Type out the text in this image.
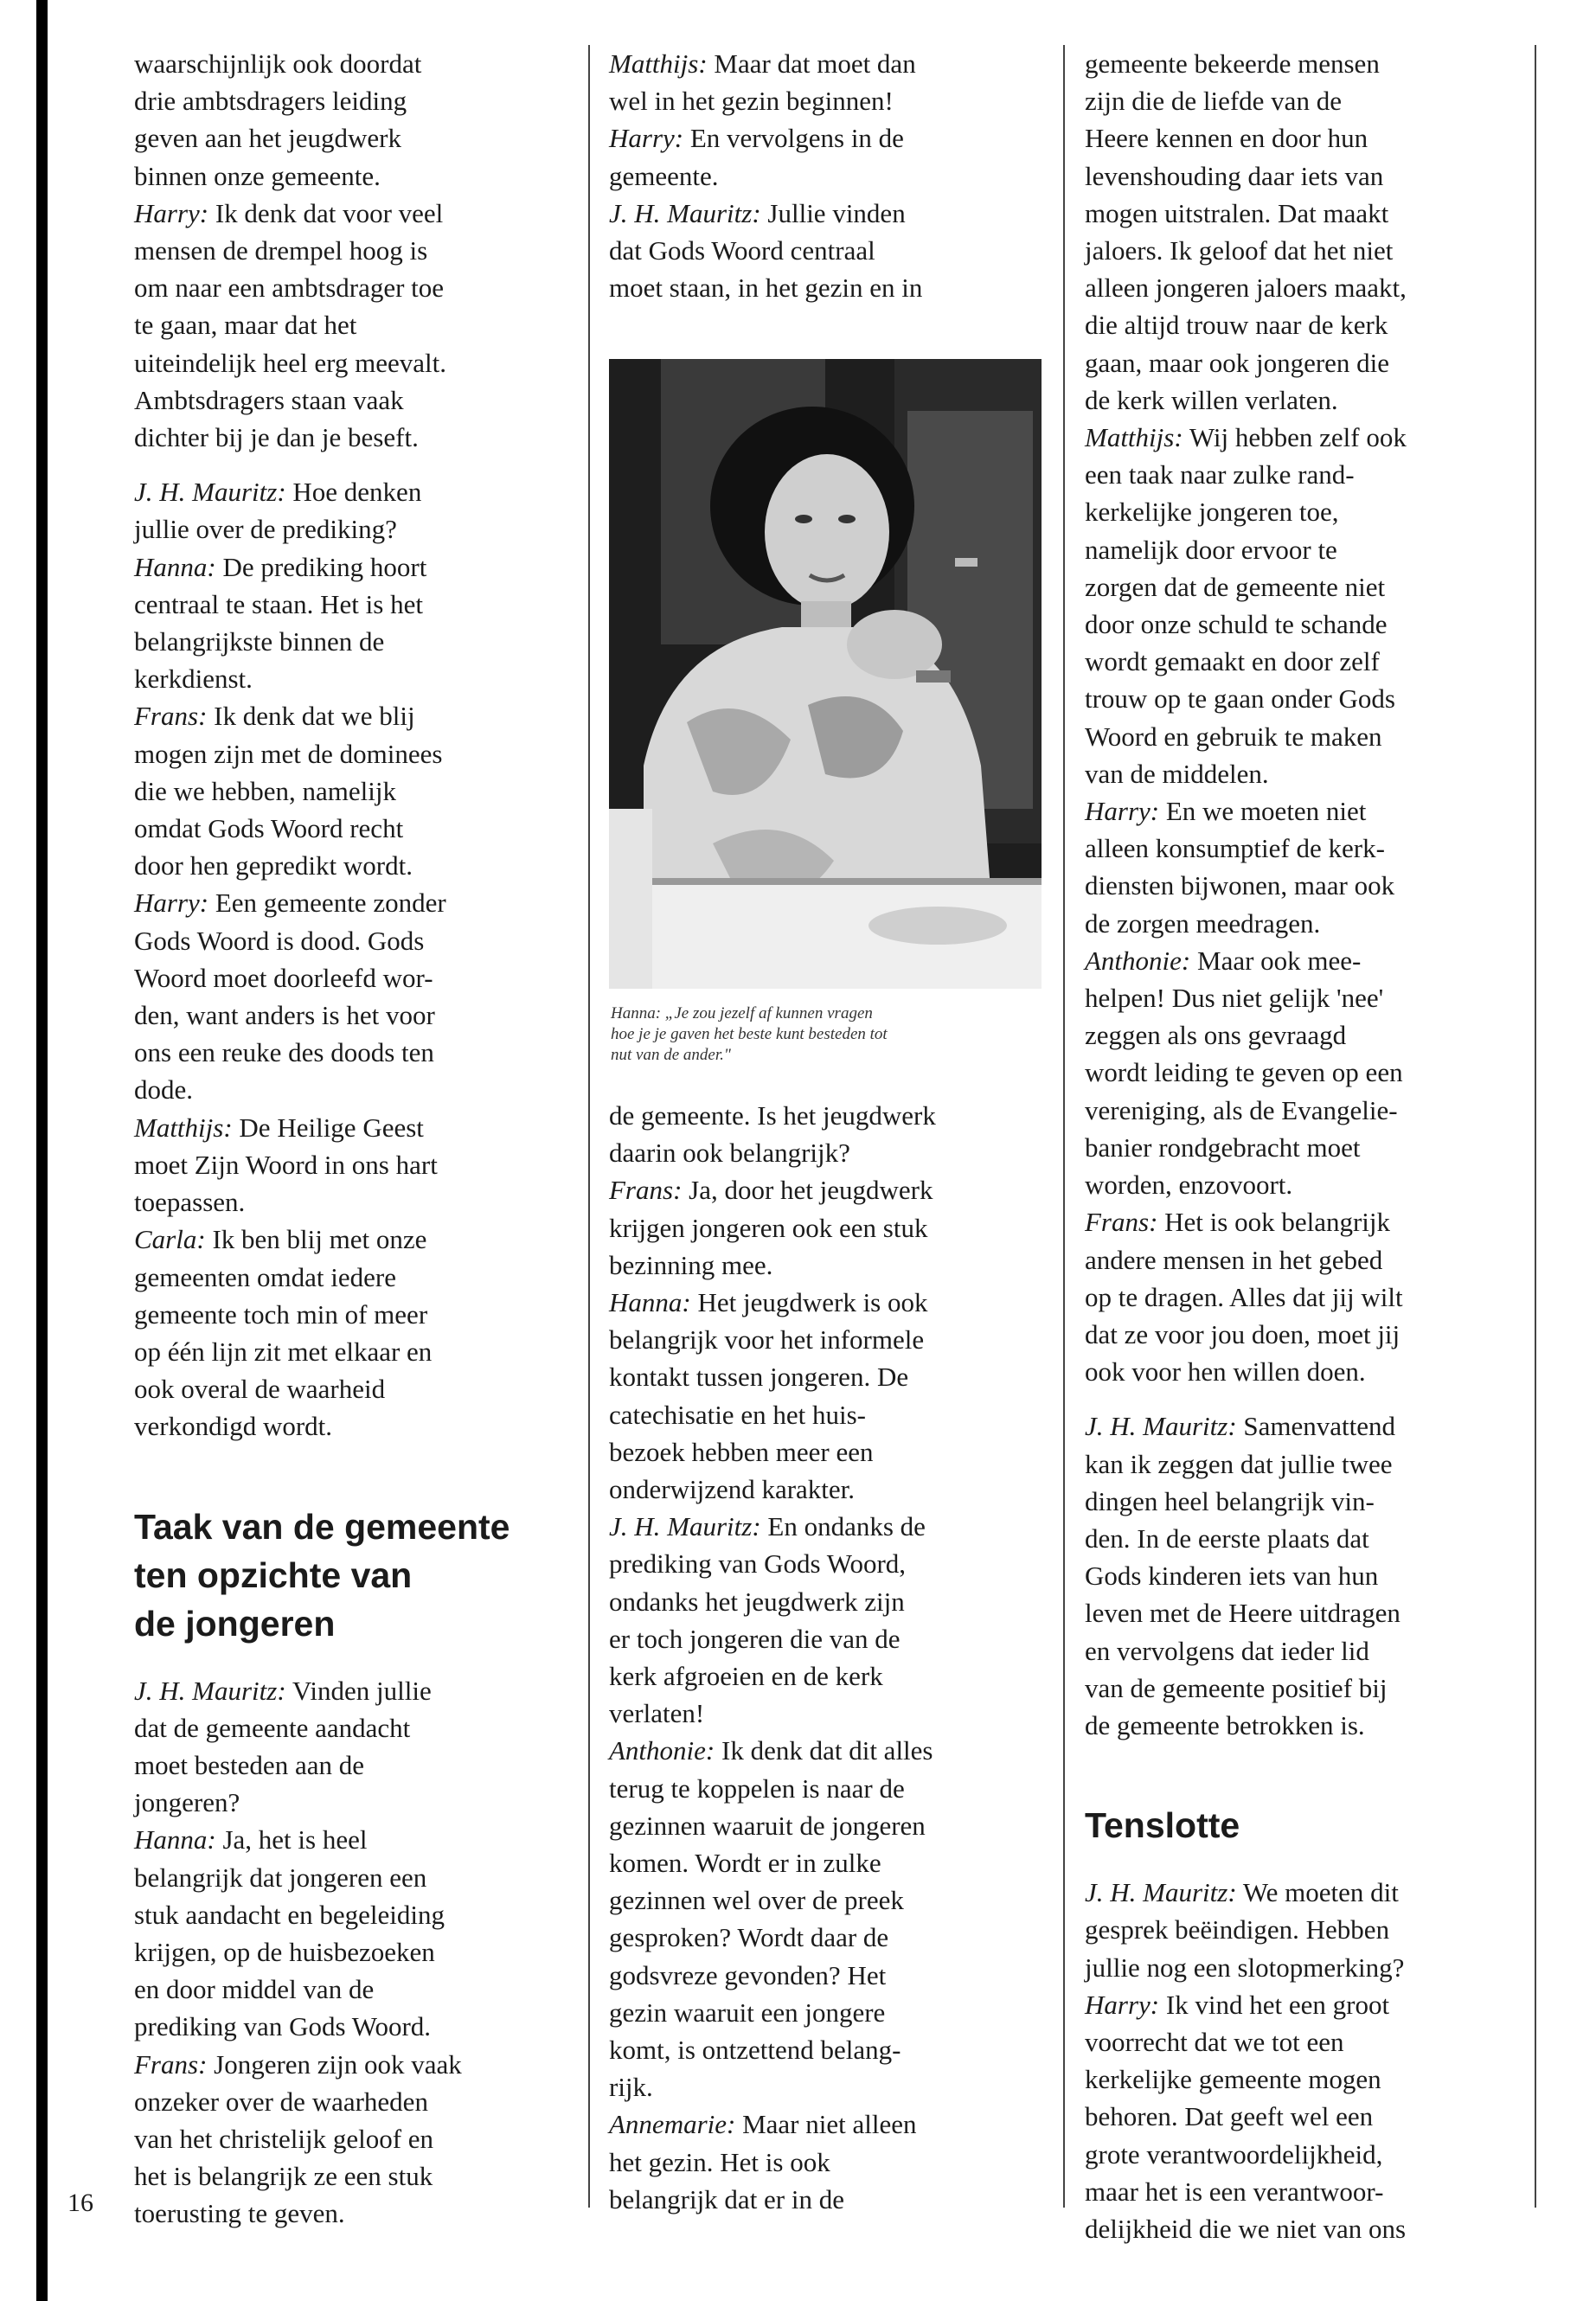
16

waarschijnlijk ook doordat

drie ambtsdragers leiding

geven aan het jeugdwerk

binnen onze gemeente.

Harry: Ik denk dat voor veel

mensen de drempel hoog is

om naar een ambtsdrager toe

te gaan, maar dat het

uiteindelijk heel erg meevalt.

Ambtsdragers staan vaak

dichter bij je dan je beseft.

J. H. Mauritz: Hoe denken

jullie over de prediking?

Hanna: De prediking hoort

centraal te staan. Het is het

belangrijkste binnen de

kerkdienst.

Frans: Ik denk dat we blij

mogen zijn met de dominees

die we hebben, namelijk

omdat Gods Woord recht

door hen gepredikt wordt.

Harry: Een gemeente zonder

Gods Woord is dood. Gods

Woord moet doorleefd wor-

den, want anders is het voor

ons een reuke des doods ten

dode.

Matthijs: De Heilige Geest

moet Zijn Woord in ons hart

toepassen.

Carla: Ik ben blij met onze

gemeenten omdat iedere

gemeente toch min of meer

op één lijn zit met elkaar en

ook overal de waarheid

verkondigd wordt.

Taak van de gemeente
ten opzichte van
de jongeren

J. H. Mauritz: Vinden jullie

dat de gemeente aandacht

moet besteden aan de

jongeren?

Hanna: Ja, het is heel

belangrijk dat jongeren een

stuk aandacht en begeleiding

krijgen, op de huisbezoeken

en door middel van de

prediking van Gods Woord.

Frans: Jongeren zijn ook vaak

onzeker over de waarheden

van het christelijk geloof en

het is belangrijk ze een stuk

toerusting te geven.

Matthijs: Maar dat moet dan

wel in het gezin beginnen!

Harry: En vervolgens in de

gemeente.

J. H. Mauritz: Jullie vinden

dat Gods Woord centraal

moet staan, in het gezin en in

de gemeente. Is het jeugdwerk

daarin ook belangrijk?

Frans: Ja, door het jeugdwerk

krijgen jongeren ook een stuk

bezinning mee.

Hanna: Het jeugdwerk is ook

belangrijk voor het informele

kontakt tussen jongeren. De

catechisatie en het huis-

bezoek hebben meer een

onderwijzend karakter.

J. H. Mauritz: En ondanks de

prediking van Gods Woord,

ondanks het jeugdwerk zijn

er toch jongeren die van de

kerk afgroeien en de kerk

verlaten!

Anthonie: Ik denk dat dit alles

terug te koppelen is naar de

gezinnen waaruit de jongeren

komen. Wordt er in zulke

gezinnen wel over de preek

gesproken? Wordt daar de

godsvreze gevonden? Het

gezin waaruit een jongere

komt, is ontzettend belang-

rijk.

Annemarie: Maar niet alleen

het gezin. Het is ook

belangrijk dat er in de

gemeente bekeerde mensen

zijn die de liefde van de

Heere kennen en door hun

levenshouding daar iets van

mogen uitstralen. Dat maakt

jaloers. Ik geloof dat het niet

alleen jongeren jaloers maakt,

die altijd trouw naar de kerk

gaan, maar ook jongeren die

de kerk willen verlaten.

Matthijs: Wij hebben zelf ook

een taak naar zulke rand-

kerkelijke jongeren toe,

namelijk door ervoor te

zorgen dat de gemeente niet

door onze schuld te schande

wordt gemaakt en door zelf

trouw op te gaan onder Gods

Woord en gebruik te maken

van de middelen.

Harry: En we moeten niet

alleen konsumptief de kerk-

diensten bijwonen, maar ook

de zorgen meedragen.

Anthonie: Maar ook mee-

helpen! Dus niet gelijk 'nee'

zeggen als ons gevraagd

wordt leiding te geven op een

vereniging, als de Evangelie-

banier rondgebracht moet

worden, enzovoort.

Frans: Het is ook belangrijk

andere mensen in het gebed

op te dragen. Alles dat jij wilt

dat ze voor jou doen, moet jij

ook voor hen willen doen.

J. H. Mauritz: Samenvattend

kan ik zeggen dat jullie twee

dingen heel belangrijk vin-

den. In de eerste plaats dat

Gods kinderen iets van hun

leven met de Heere uitdragen

en vervolgens dat ieder lid

van de gemeente positief bij

de gemeente betrokken is.

Tenslotte

J. H. Mauritz: We moeten dit

gesprek beëindigen. Hebben

jullie nog een slotopmerking?

Harry: Ik vind het een groot

voorrecht dat we tot een

kerkelijke gemeente mogen

behoren. Dat geeft wel een

grote verantwoordelijkheid,

maar het is een verantwoor-

delijkheid die we niet van ons

Hanna: „Je zou jezelf af kunnen vragen
hoe je je gaven het beste kunt besteden tot
nut van de ander."
